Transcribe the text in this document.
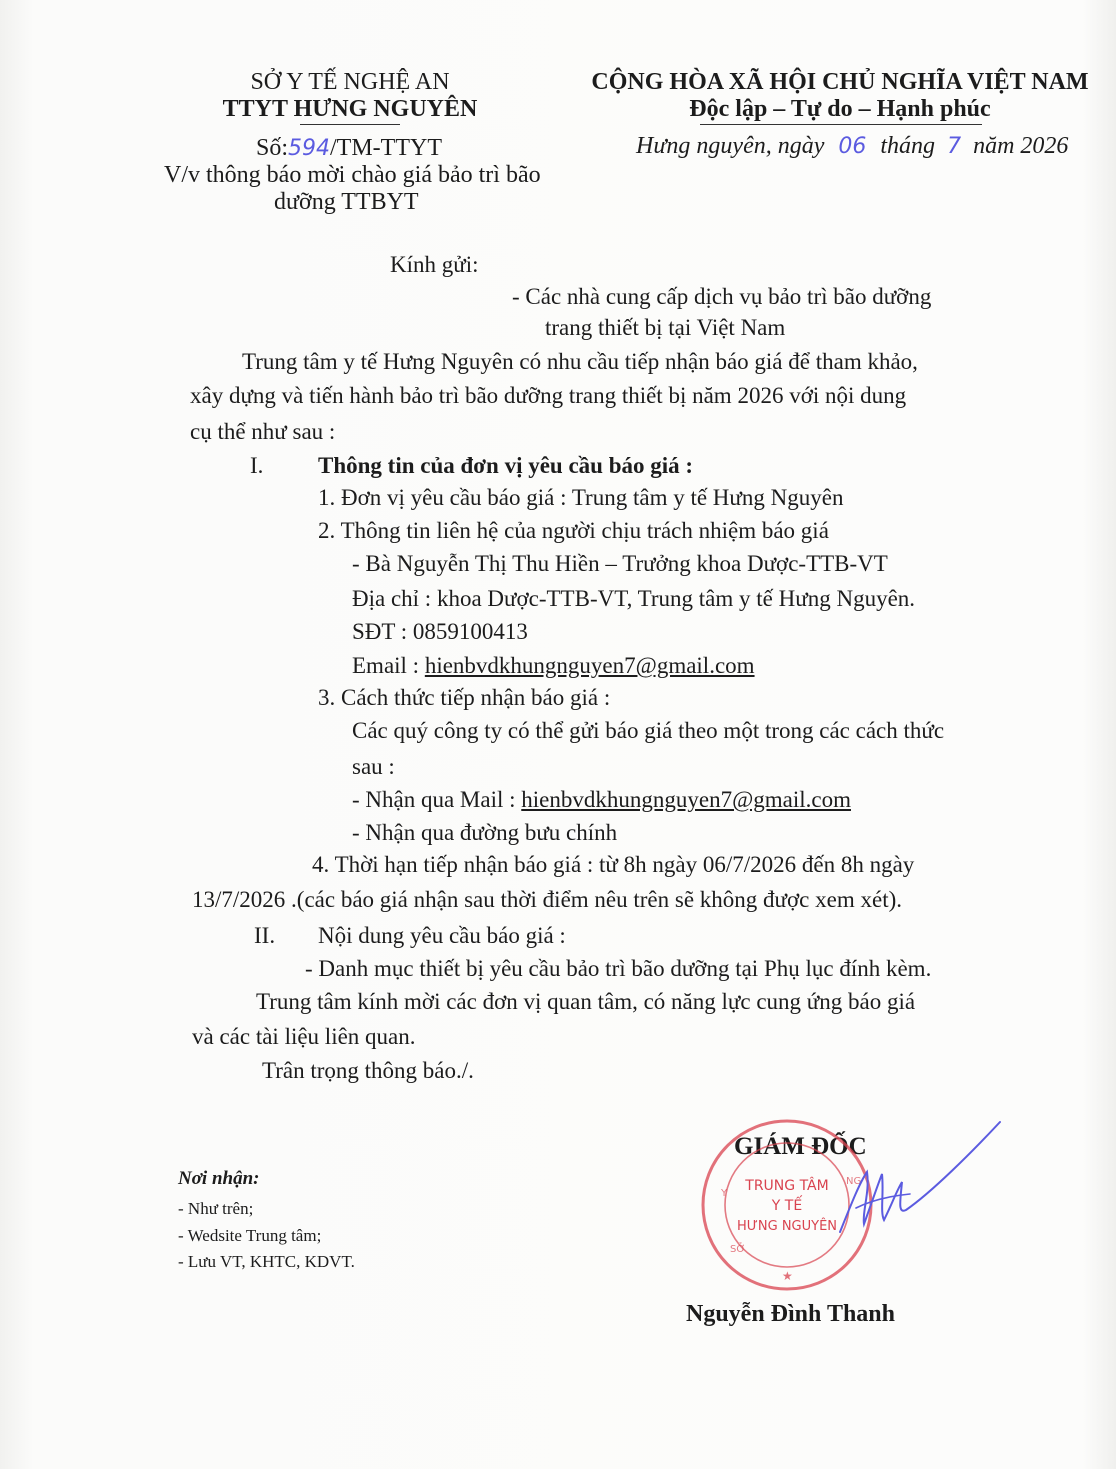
SỞ Y TẾ NGHỆ AN
TTYT HƯNG NGUYÊN
Số:594/TM-TTYT
V/v thông báo mời chào giá bảo trì bão
dưỡng TTBYT
CỘNG HÒA XÃ HỘI CHỦ NGHĨA VIỆT NAM
Độc lập – Tự do – Hạnh phúc
Hưng nguyên, ngày 06 tháng 7 năm 2026
Kính gửi:
- Các nhà cung cấp dịch vụ bảo trì bão dưỡng
trang thiết bị tại Việt Nam
Trung tâm y tế Hưng Nguyên có nhu cầu tiếp nhận báo giá để tham khảo,
xây dựng và tiến hành bảo trì bão dưỡng trang thiết bị năm 2026 với nội dung
cụ thể như sau :
I. Thông tin của đơn vị yêu cầu báo giá :
1. Đơn vị yêu cầu báo giá : Trung tâm y tế Hưng Nguyên
2. Thông tin liên hệ của người chịu trách nhiệm báo giá
- Bà Nguyễn Thị Thu Hiền – Trưởng khoa Dược-TTB-VT
Địa chỉ : khoa Dược-TTB-VT, Trung tâm y tế Hưng Nguyên.
SĐT : 0859100413
Email : hienbvdkhungnguyen7@gmail.com
3. Cách thức tiếp nhận báo giá :
Các quý công ty có thể gửi báo giá theo một trong các cách thức
sau :
- Nhận qua Mail : hienbvdkhungnguyen7@gmail.com
- Nhận qua đường bưu chính
4. Thời hạn tiếp nhận báo giá : từ 8h ngày 06/7/2026 đến 8h ngày
13/7/2026 .(các báo giá nhận sau thời điểm nêu trên sẽ không được xem xét).
II. Nội dung yêu cầu báo giá :
- Danh mục thiết bị yêu cầu bảo trì bão dưỡng tại Phụ lục đính kèm.
Trung tâm kính mời các đơn vị quan tâm, có năng lực cung ứng báo giá
và các tài liệu liên quan.
Trân trọng thông báo./.
Nơi nhận:
- Như trên;
- Wedsite Trung tâm;
- Lưu VT, KHTC, KDVT.
GIÁM ĐỐC
Y
NG
SỞ
★
TRUNG TÂM
Y TẾ
HƯNG NGUYÊN
Nguyễn Đình Thanh
